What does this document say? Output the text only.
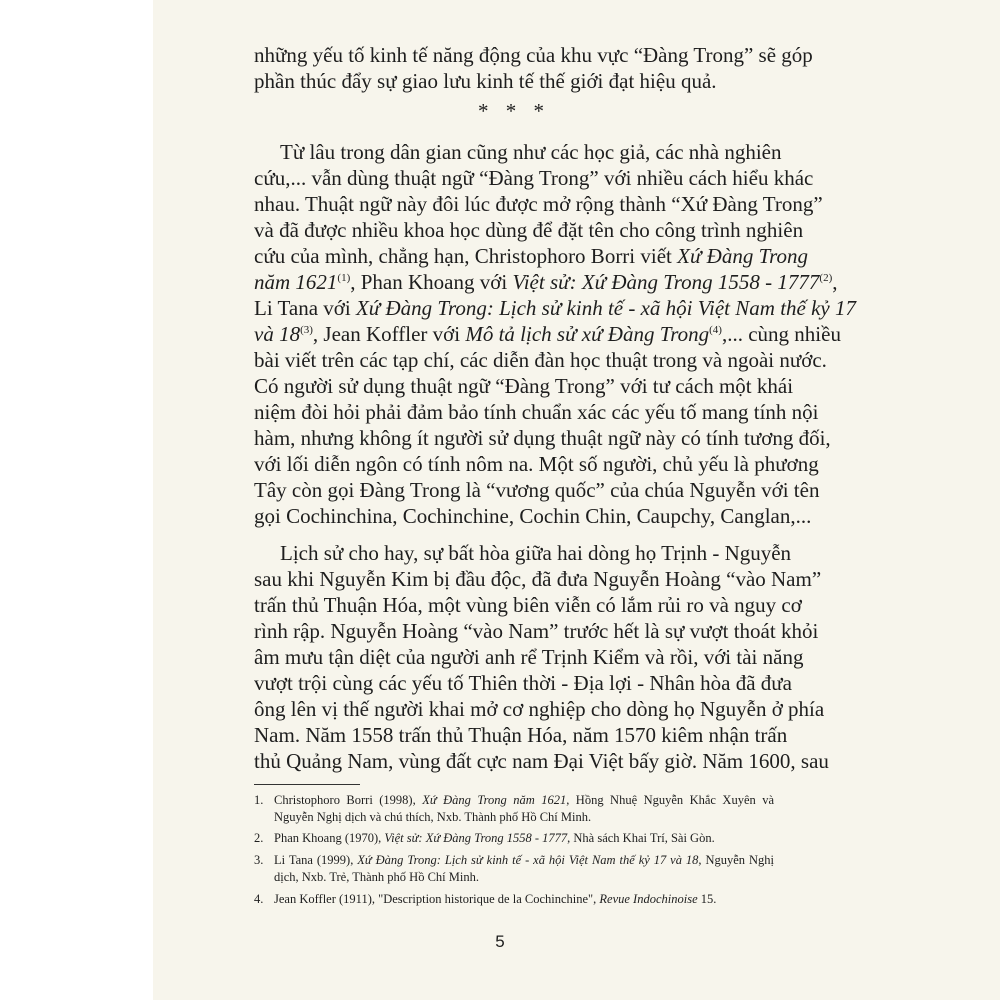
những yếu tố kinh tế năng động của khu vực “Đàng Trong” sẽ góp
phần thúc đẩy sự giao lưu kinh tế thế giới đạt hiệu quả.
* * *
Từ lâu trong dân gian cũng như các học giả, các nhà nghiên
cứu,... vẫn dùng thuật ngữ “Đàng Trong” với nhiều cách hiểu khác
nhau. Thuật ngữ này đôi lúc được mở rộng thành “Xứ Đàng Trong”
và đã được nhiều khoa học dùng để đặt tên cho công trình nghiên
cứu của mình, chẳng hạn, Christophoro Borri viết Xứ Đàng Trong
năm 1621$^{(1)}$, Phan Khoang với Việt sử: Xứ Đàng Trong 1558 - 1777$^{(2)}$,
Li Tana với Xứ Đàng Trong: Lịch sử kinh tế - xã hội Việt Nam thế kỷ 17
và 18$^{(3)}$, Jean Koffler với Mô tả lịch sử xứ Đàng Trong$^{(4)}$,... cùng nhiều
bài viết trên các tạp chí, các diễn đàn học thuật trong và ngoài nước.
Có người sử dụng thuật ngữ “Đàng Trong” với tư cách một khái
niệm đòi hỏi phải đảm bảo tính chuẩn xác các yếu tố mang tính nội
hàm, nhưng không ít người sử dụng thuật ngữ này có tính tương đối,
với lối diễn ngôn có tính nôm na. Một số người, chủ yếu là phương
Tây còn gọi Đàng Trong là “vương quốc” của chúa Nguyễn với tên
gọi Cochinchina, Cochinchine, Cochin Chin, Caupchy, Canglan,...
Lịch sử cho hay, sự bất hòa giữa hai dòng họ Trịnh - Nguyễn
sau khi Nguyễn Kim bị đầu độc, đã đưa Nguyễn Hoàng “vào Nam”
trấn thủ Thuận Hóa, một vùng biên viễn có lắm rủi ro và nguy cơ
rình rập. Nguyễn Hoàng “vào Nam” trước hết là sự vượt thoát khỏi
âm mưu tận diệt của người anh rể Trịnh Kiểm và rồi, với tài năng
vượt trội cùng các yếu tố Thiên thời - Địa lợi - Nhân hòa đã đưa
ông lên vị thế người khai mở cơ nghiệp cho dòng họ Nguyễn ở phía
Nam. Năm 1558 trấn thủ Thuận Hóa, năm 1570 kiêm nhận trấn
thủ Quảng Nam, vùng đất cực nam Đại Việt bấy giờ. Năm 1600, sau
1. Christophoro Borri (1998), Xứ Đàng Trong năm 1621, Hồng Nhuệ Nguyễn Khắc Xuyên và
Nguyễn Nghị dịch và chú thích, Nxb. Thành phố Hồ Chí Minh.
2. Phan Khoang (1970), Việt sử: Xứ Đàng Trong 1558 - 1777, Nhà sách Khai Trí, Sài Gòn.
3. Li Tana (1999), Xứ Đàng Trong: Lịch sử kinh tế - xã hội Việt Nam thế kỷ 17 và 18, Nguyễn Nghị
dịch, Nxb. Trẻ, Thành phố Hồ Chí Minh.
4. Jean Koffler (1911), "Description historique de la Cochinchine", Revue Indochinoise 15.
5
